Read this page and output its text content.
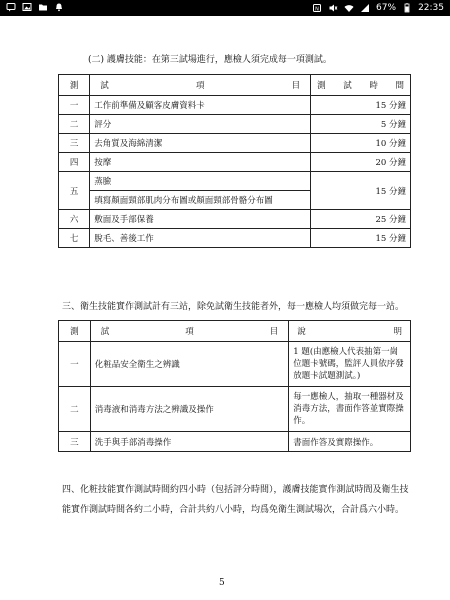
N	67% 22:35
(二) 護膚技能：在第三試場進行，應檢人須完成每一項測試。
測	試 項 目	測 試 時 間

一	工作前準備及顧客皮膚資料卡	15 分鐘
二	評分	5 分鐘
三	去角質及海綿清潔	10 分鐘
四	按摩	20 分鐘
五	蒸臉	15 分鐘
	填寫顏面頸部肌肉分布圖或顏面頸部骨骼分布圖	
六	敷面及手部保養	25 分鐘
七	脫毛、善後工作	15 分鐘
三、衛生技能實作測試計有三站，除免試衛生技能者外，每一應檢人均須做完每一站。
測	試 項 目	說 明

一	化粧品安全衛生之辨識	1 題(由應檢人代表抽第一崗位題卡號碼，監評人員依序發放題卡試題測試。)
二	消毒液和消毒方法之辨識及操作	每一應檢人，抽取一種器材及消毒方法，書面作答並實際操作。
三	洗手與手部消毒操作	書面作答及實際操作。
四、化粧技能實作測試時間約四小時（包括評分時間），護膚技能實作測試時間及衛生技能實作測試時間各約二小時，合計共約八小時，均爲免衛生測試場次，合計爲六小時。
5
